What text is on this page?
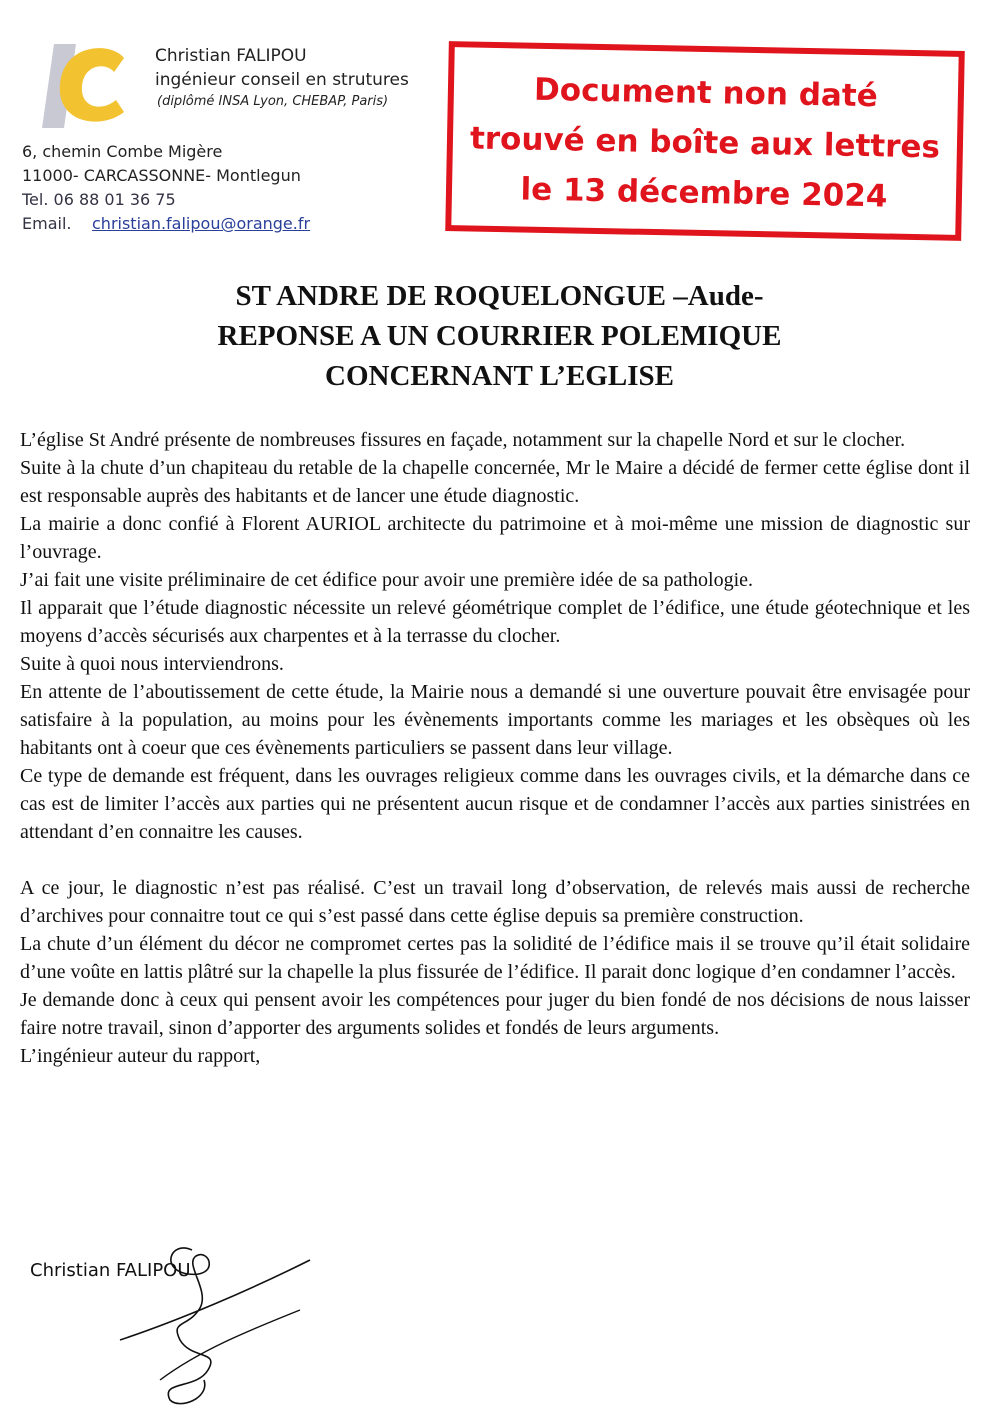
Christian FALIPOU
ingénieur conseil en strutures
(diplômé INSA Lyon, CHEBAP, Paris)
6, chemin Combe Migère
11000- CARCASSONNE- Montlegun
Tel. 06 88 01 36 75
Email.	christian.falipou@orange.fr
Document non daté
trouvé en boîte aux lettres
le 13 décembre 2024
ST ANDRE DE ROQUELONGUE –Aude-
REPONSE A UN COURRIER POLEMIQUE
CONCERNANT L’EGLISE

L’église St André présente de nombreuses fissures en façade, notamment sur la chapelle Nord et sur le clocher.

Suite à la chute d’un chapiteau du retable de la chapelle concernée, Mr le Maire a décidé de fermer cette église dont il est responsable auprès des habitants et de lancer une étude diagnostic.

La mairie a donc confié à Florent AURIOL architecte du patrimoine et à moi-même une mission de diagnostic sur l’ouvrage.

J’ai fait une visite préliminaire de cet édifice pour avoir une première idée de sa pathologie.

Il apparait que l’étude diagnostic nécessite un relevé géométrique complet de l’édifice, une étude géotechnique et les moyens d’accès sécurisés aux charpentes et à la terrasse du clocher.

Suite à quoi nous interviendrons.

En attente de l’aboutissement de cette étude, la Mairie nous a demandé si une ouverture pouvait être envisagée pour satisfaire à la population, au moins pour les évènements importants comme les mariages et les obsèques où les habitants ont à coeur que ces évènements particuliers se passent dans leur village.

Ce type de demande est fréquent, dans les ouvrages religieux comme dans les ouvrages civils, et la démarche dans ce cas est de limiter l’accès aux parties qui ne présentent aucun risque et de condamner l’accès aux parties sinistrées en attendant d’en connaitre les causes.

A ce jour, le diagnostic n’est pas réalisé. C’est un travail long d’observation, de relevés mais aussi de recherche d’archives pour connaitre tout ce qui s’est passé dans cette église depuis sa première construction.

La chute d’un élément du décor ne compromet certes pas la solidité de l’édifice mais il se trouve qu’il était solidaire d’une voûte en lattis plâtré sur la chapelle la plus fissurée de l’édifice. Il parait donc logique d’en condamner l’accès.

Je demande donc à ceux qui pensent avoir les compétences pour juger du bien fondé de nos décisions de nous laisser faire notre travail, sinon d’apporter des arguments solides et fondés de leurs arguments.

L’ingénieur auteur du rapport,

Christian FALIPOU
